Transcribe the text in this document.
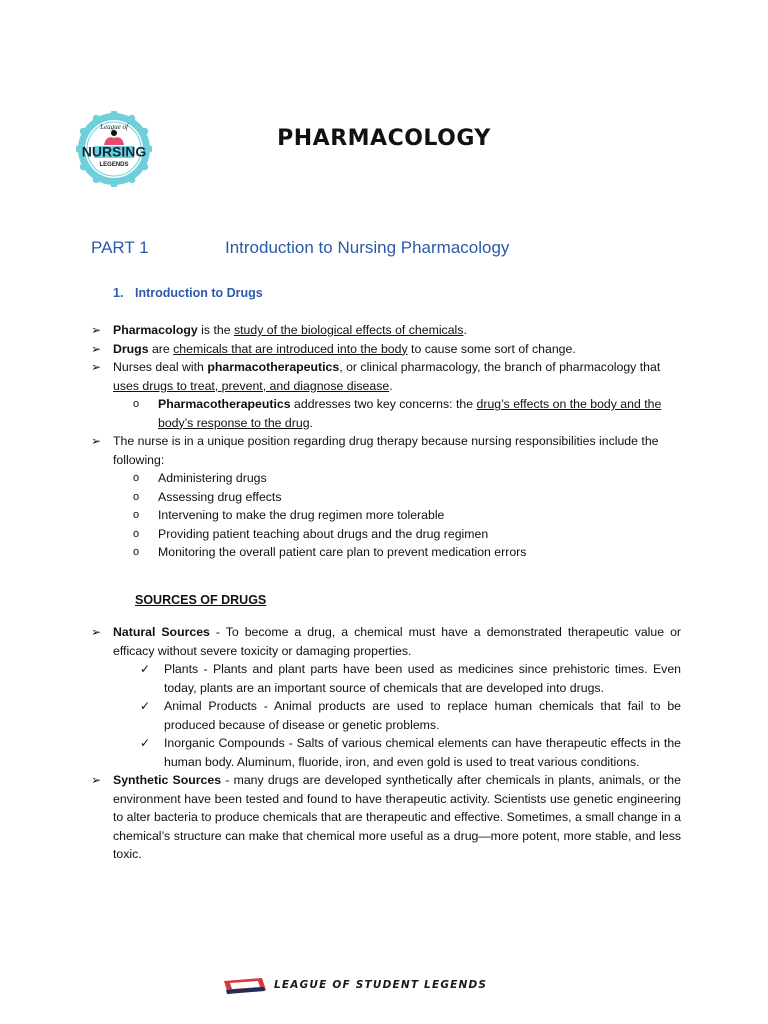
League of
NURSING
LEGENDS
PHARMACOLOGY
PART 1	Introduction to Nursing Pharmacology
1. Introduction to Drugs

➢ Pharmacology is the study of the biological effects of chemicals.

➢ Drugs are chemicals that are introduced into the body to cause some sort of change.

➢ Nurses deal with pharmacotherapeutics, or clinical pharmacology, the branch of pharmacology that uses drugs to treat, prevent, and diagnose disease.

o Pharmacotherapeutics addresses two key concerns: the drug’s effects on the body and the body’s response to the drug.

➢ The nurse is in a unique position regarding drug therapy because nursing responsibilities include the following:

o Administering drugs

o Assessing drug effects

o Intervening to make the drug regimen more tolerable

o Providing patient teaching about drugs and the drug regimen

o Monitoring the overall patient care plan to prevent medication errors

SOURCES OF DRUGS

➢ Natural Sources - To become a drug, a chemical must have a demonstrated therapeutic value or efficacy without severe toxicity or damaging properties.

✓ Plants - Plants and plant parts have been used as medicines since prehistoric times. Even today, plants are an important source of chemicals that are developed into drugs.

✓ Animal Products - Animal products are used to replace human chemicals that fail to be produced because of disease or genetic problems.

✓ Inorganic Compounds - Salts of various chemical elements can have therapeutic effects in the human body. Aluminum, fluoride, iron, and even gold is used to treat various conditions.

➢ Synthetic Sources - many drugs are developed synthetically after chemicals in plants, animals, or the environment have been tested and found to have therapeutic activity. Scientists use genetic engineering to alter bacteria to produce chemicals that are therapeutic and effective. Sometimes, a small change in a chemical’s structure can make that chemical more useful as a drug—more potent, more stable, and less toxic.

LEAGUE OF STUDENT LEGENDS
